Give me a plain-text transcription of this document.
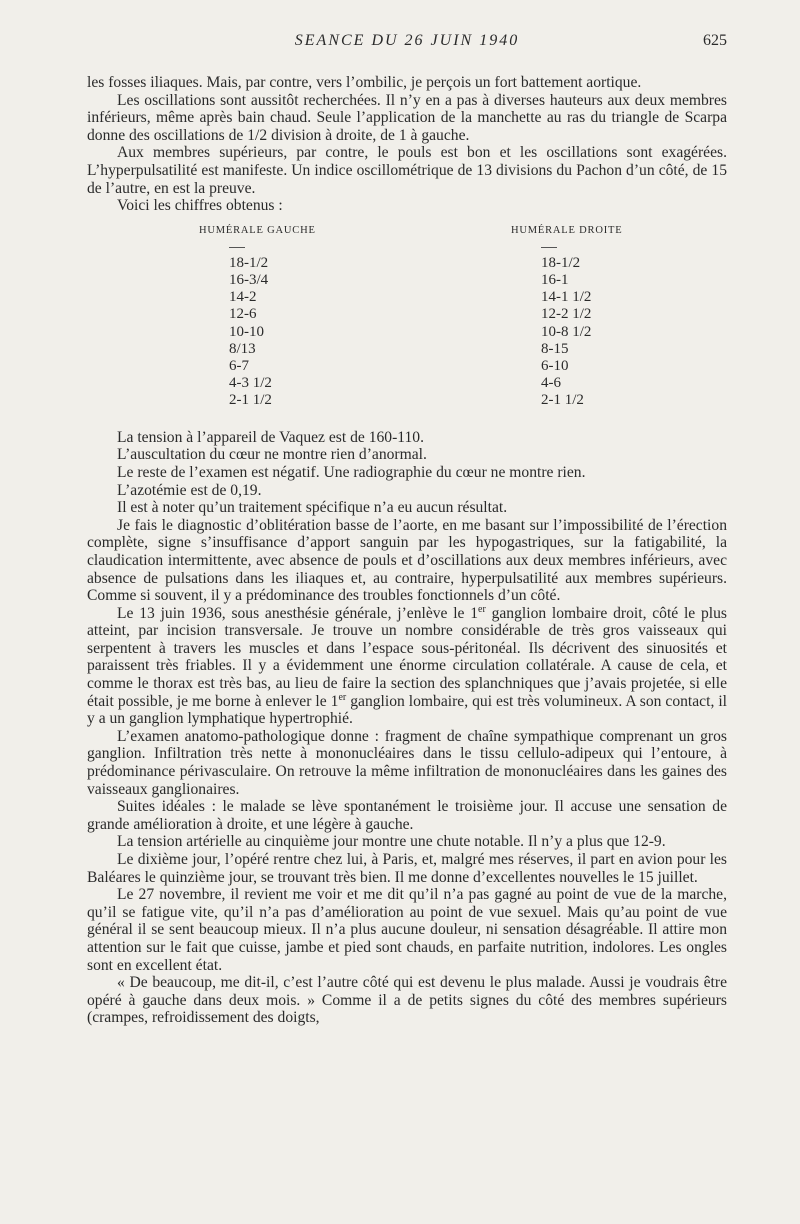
SEANCE DU 26 JUIN 1940	625

les fosses iliaques. Mais, par contre, vers l’ombilic, je perçois un fort battement aortique.

Les oscillations sont aussitôt recherchées. Il n’y en a pas à diverses hauteurs aux deux membres inférieurs, même après bain chaud. Seule l’application de la manchette au ras du triangle de Scarpa donne des oscillations de 1/2 division à droite, de 1 à gauche.

Aux membres supérieurs, par contre, le pouls est bon et les oscillations sont exagérées. L’hyperpulsatilité est manifeste. Un indice oscillométrique de 13 divisions du Pachon d’un côté, de 15 de l’autre, en est la preuve.

Voici les chiffres obtenus :

HUMÉRALE GAUCHE
18-1/2
16-3/4
14-2
12-6
10-10
8/13
6-7
4-3 1/2
2-1 1/2
HUMÉRALE DROITE
18-1/2
16-1
14-1 1/2
12-2 1/2
10-8 1/2
8-15
6-10
4-6
2-1 1/2

La tension à l’appareil de Vaquez est de 160-110.

L’auscultation du cœur ne montre rien d’anormal.

Le reste de l’examen est négatif. Une radiographie du cœur ne montre rien.

L’azotémie est de 0,19.

Il est à noter qu’un traitement spécifique n’a eu aucun résultat.

Je fais le diagnostic d’oblitération basse de l’aorte, en me basant sur l’impossibilité de l’érection complète, signe s’insuffisance d’apport sanguin par les hypogastriques, sur la fatigabilité, la claudication intermittente, avec absence de pouls et d’oscillations aux deux membres inférieurs, avec absence de pulsations dans les iliaques et, au contraire, hyperpulsatilité aux membres supérieurs. Comme si souvent, il y a prédominance des troubles fonctionnels d’un côté.

Le 13 juin 1936, sous anesthésie générale, j’enlève le 1er ganglion lombaire droit, côté le plus atteint, par incision transversale. Je trouve un nombre considérable de très gros vaisseaux qui serpentent à travers les muscles et dans l’espace sous-péritonéal. Ils décrivent des sinuosités et paraissent très friables. Il y a évidemment une énorme circulation collatérale. A cause de cela, et comme le thorax est très bas, au lieu de faire la section des splanchniques que j’avais projetée, si elle était possible, je me borne à enlever le 1er ganglion lombaire, qui est très volumineux. A son contact, il y a un ganglion lymphatique hypertrophié.

L’examen anatomo-pathologique donne : fragment de chaîne sympathique comprenant un gros ganglion. Infiltration très nette à mononucléaires dans le tissu cellulo-adipeux qui l’entoure, à prédominance périvasculaire. On retrouve la même infiltration de mononucléaires dans les gaines des vaisseaux ganglionaires.

Suites idéales : le malade se lève spontanément le troisième jour. Il accuse une sensation de grande amélioration à droite, et une légère à gauche.

La tension artérielle au cinquième jour montre une chute notable. Il n’y a plus que 12-9.

Le dixième jour, l’opéré rentre chez lui, à Paris, et, malgré mes réserves, il part en avion pour les Baléares le quinzième jour, se trouvant très bien. Il me donne d’excellentes nouvelles le 15 juillet.

Le 27 novembre, il revient me voir et me dit qu’il n’a pas gagné au point de vue de la marche, qu’il se fatigue vite, qu’il n’a pas d’amélioration au point de vue sexuel. Mais qu’au point de vue général il se sent beaucoup mieux. Il n’a plus aucune douleur, ni sensation désagréable. Il attire mon attention sur le fait que cuisse, jambe et pied sont chauds, en parfaite nutrition, indolores. Les ongles sont en excellent état.

« De beaucoup, me dit-il, c’est l’autre côté qui est devenu le plus malade. Aussi je voudrais être opéré à gauche dans deux mois. » Comme il a de petits signes du côté des membres supérieurs (crampes, refroidissement des doigts,
